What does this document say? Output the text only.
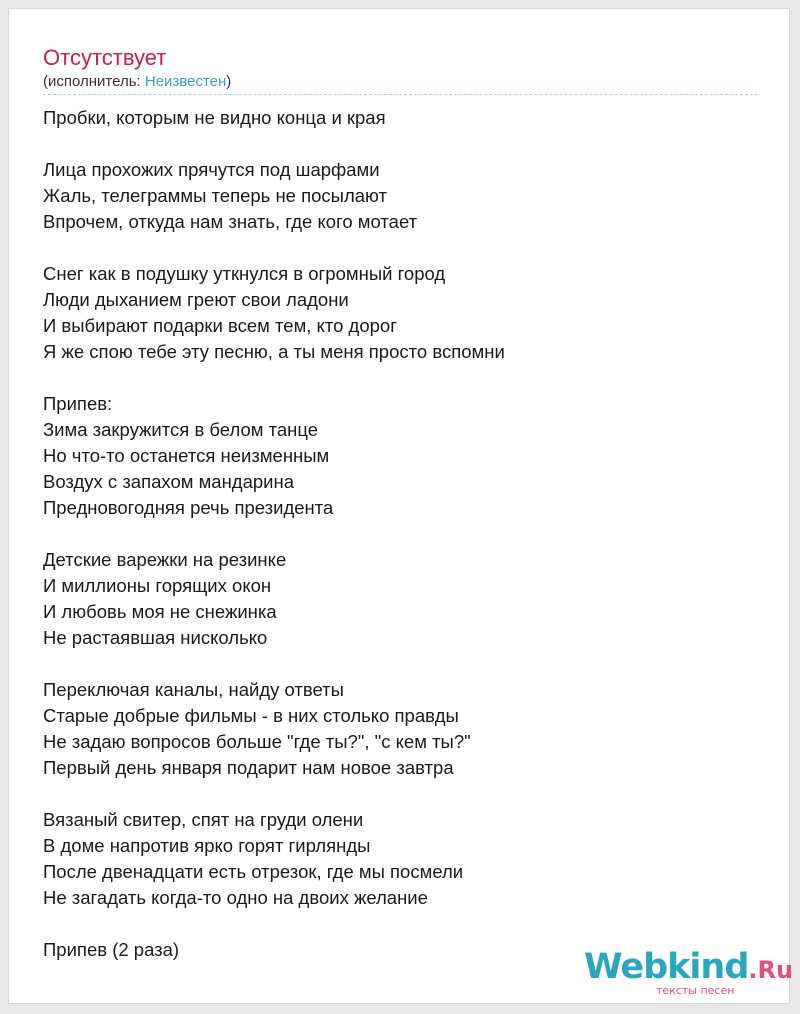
Отсутствует
(исполнитель: Неизвестен)
Пробки, которым не видно конца и края
Лица прохожих прячутся под шарфами
Жаль, телеграммы теперь не посылают
Впрочем, откуда нам знать, где кого мотает
Снег как в подушку уткнулся в огромный город
Люди дыханием греют свои ладони
И выбирают подарки всем тем, кто дорог
Я же спою тебе эту песню, а ты меня просто вспомни
Припев:
Зима закружится в белом танце
Но что-то останется неизменным
Воздух с запахом мандарина
Предновогодняя речь президента
Детские варежки на резинке
И миллионы горящих окон
И любовь моя не снежинка
Не растаявшая нисколько
Переключая каналы, найду ответы
Старые добрые фильмы - в них столько правды
Не задаю вопросов больше "где ты?", "с кем ты?"
Первый день января подарит нам новое завтра
Вязаный свитер, спят на груди олени
В доме напротив ярко горят гирлянды
После двенадцати есть отрезок, где мы посмели
Не загадать когда-то одно на двоих желание
Припев (2 раза)	Webkind.Ru
тексты песен
